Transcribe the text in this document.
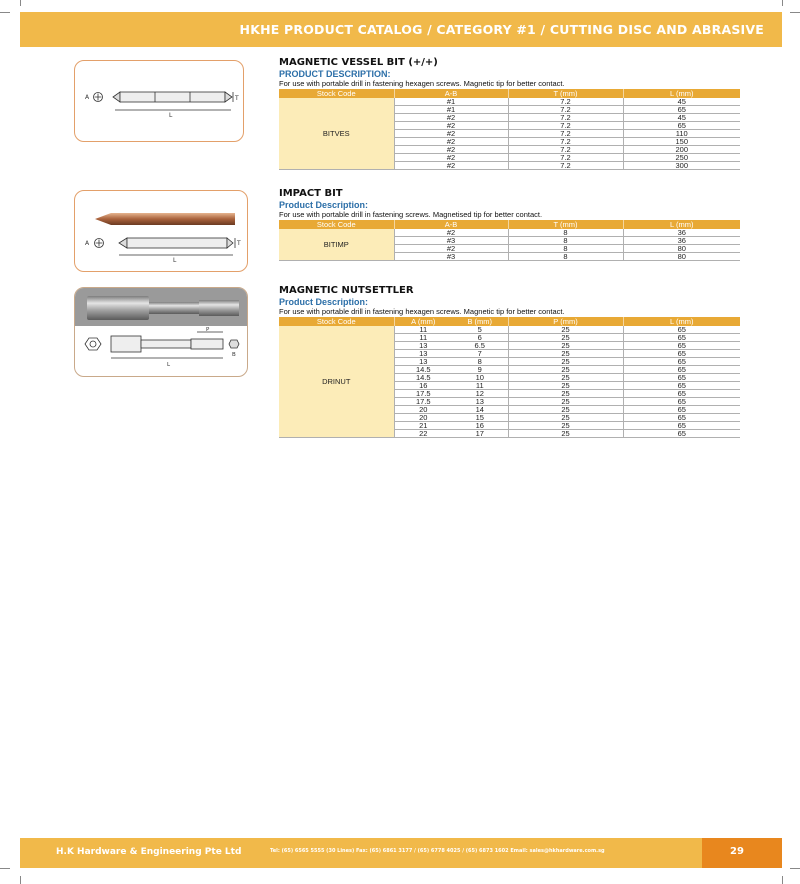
HKHE PRODUCT CATALOG / CATEGORY #1 / CUTTING DISC AND ABRASIVE
A	T
L
A	T
L
P
B
L
MAGNETIC VESSEL BIT (+/+)
PRODUCT DESCRIPTION:
For use with portable drill in fastening hexagen screws. Magnetic tip for better contact.
Stock Code	A-B	T (mm)	L (mm)
BITVES	#1	7.2	45
	#1	7.2	65
	#2	7.2	45
	#2	7.2	65
	#2	7.2	110
	#2	7.2	150
	#2	7.2	200
	#2	7.2	250
	#2	7.2	300
IMPACT BIT
Product Description:
For use with portable drill in fastening screws. Magnetised tip for better contact.
Stock Code	A-B	T (mm)	L (mm)
BITIMP	#2	8	36
	#3	8	36
	#2	8	80
	#3	8	80
MAGNETIC NUTSETTLER
Product Description:
For use with portable drill in fastening hexagen screws. Magnetic tip for better contact.
Stock Code	A (mm)	B (mm)	P (mm)	L (mm)
DRINUT	11	5	25	65
	11	6	25	65
	13	6.5	25	65
	13	7	25	65
	13	8	25	65
	14.5	9	25	65
	14.5	10	25	65
	16	11	25	65
	17.5	12	25	65
	17.5	13	25	65
	20	14	25	65
	20	15	25	65
	21	16	25	65
	22	17	25	65
H.K Hardware & Engineering Pte Ltd	Tel: (65) 6565 5555 (30 Lines) Fax: (65) 6861 3177 / (65) 6778 4025 / (65) 6873 1602 Email: sales@hkhardware.com.sg	29
